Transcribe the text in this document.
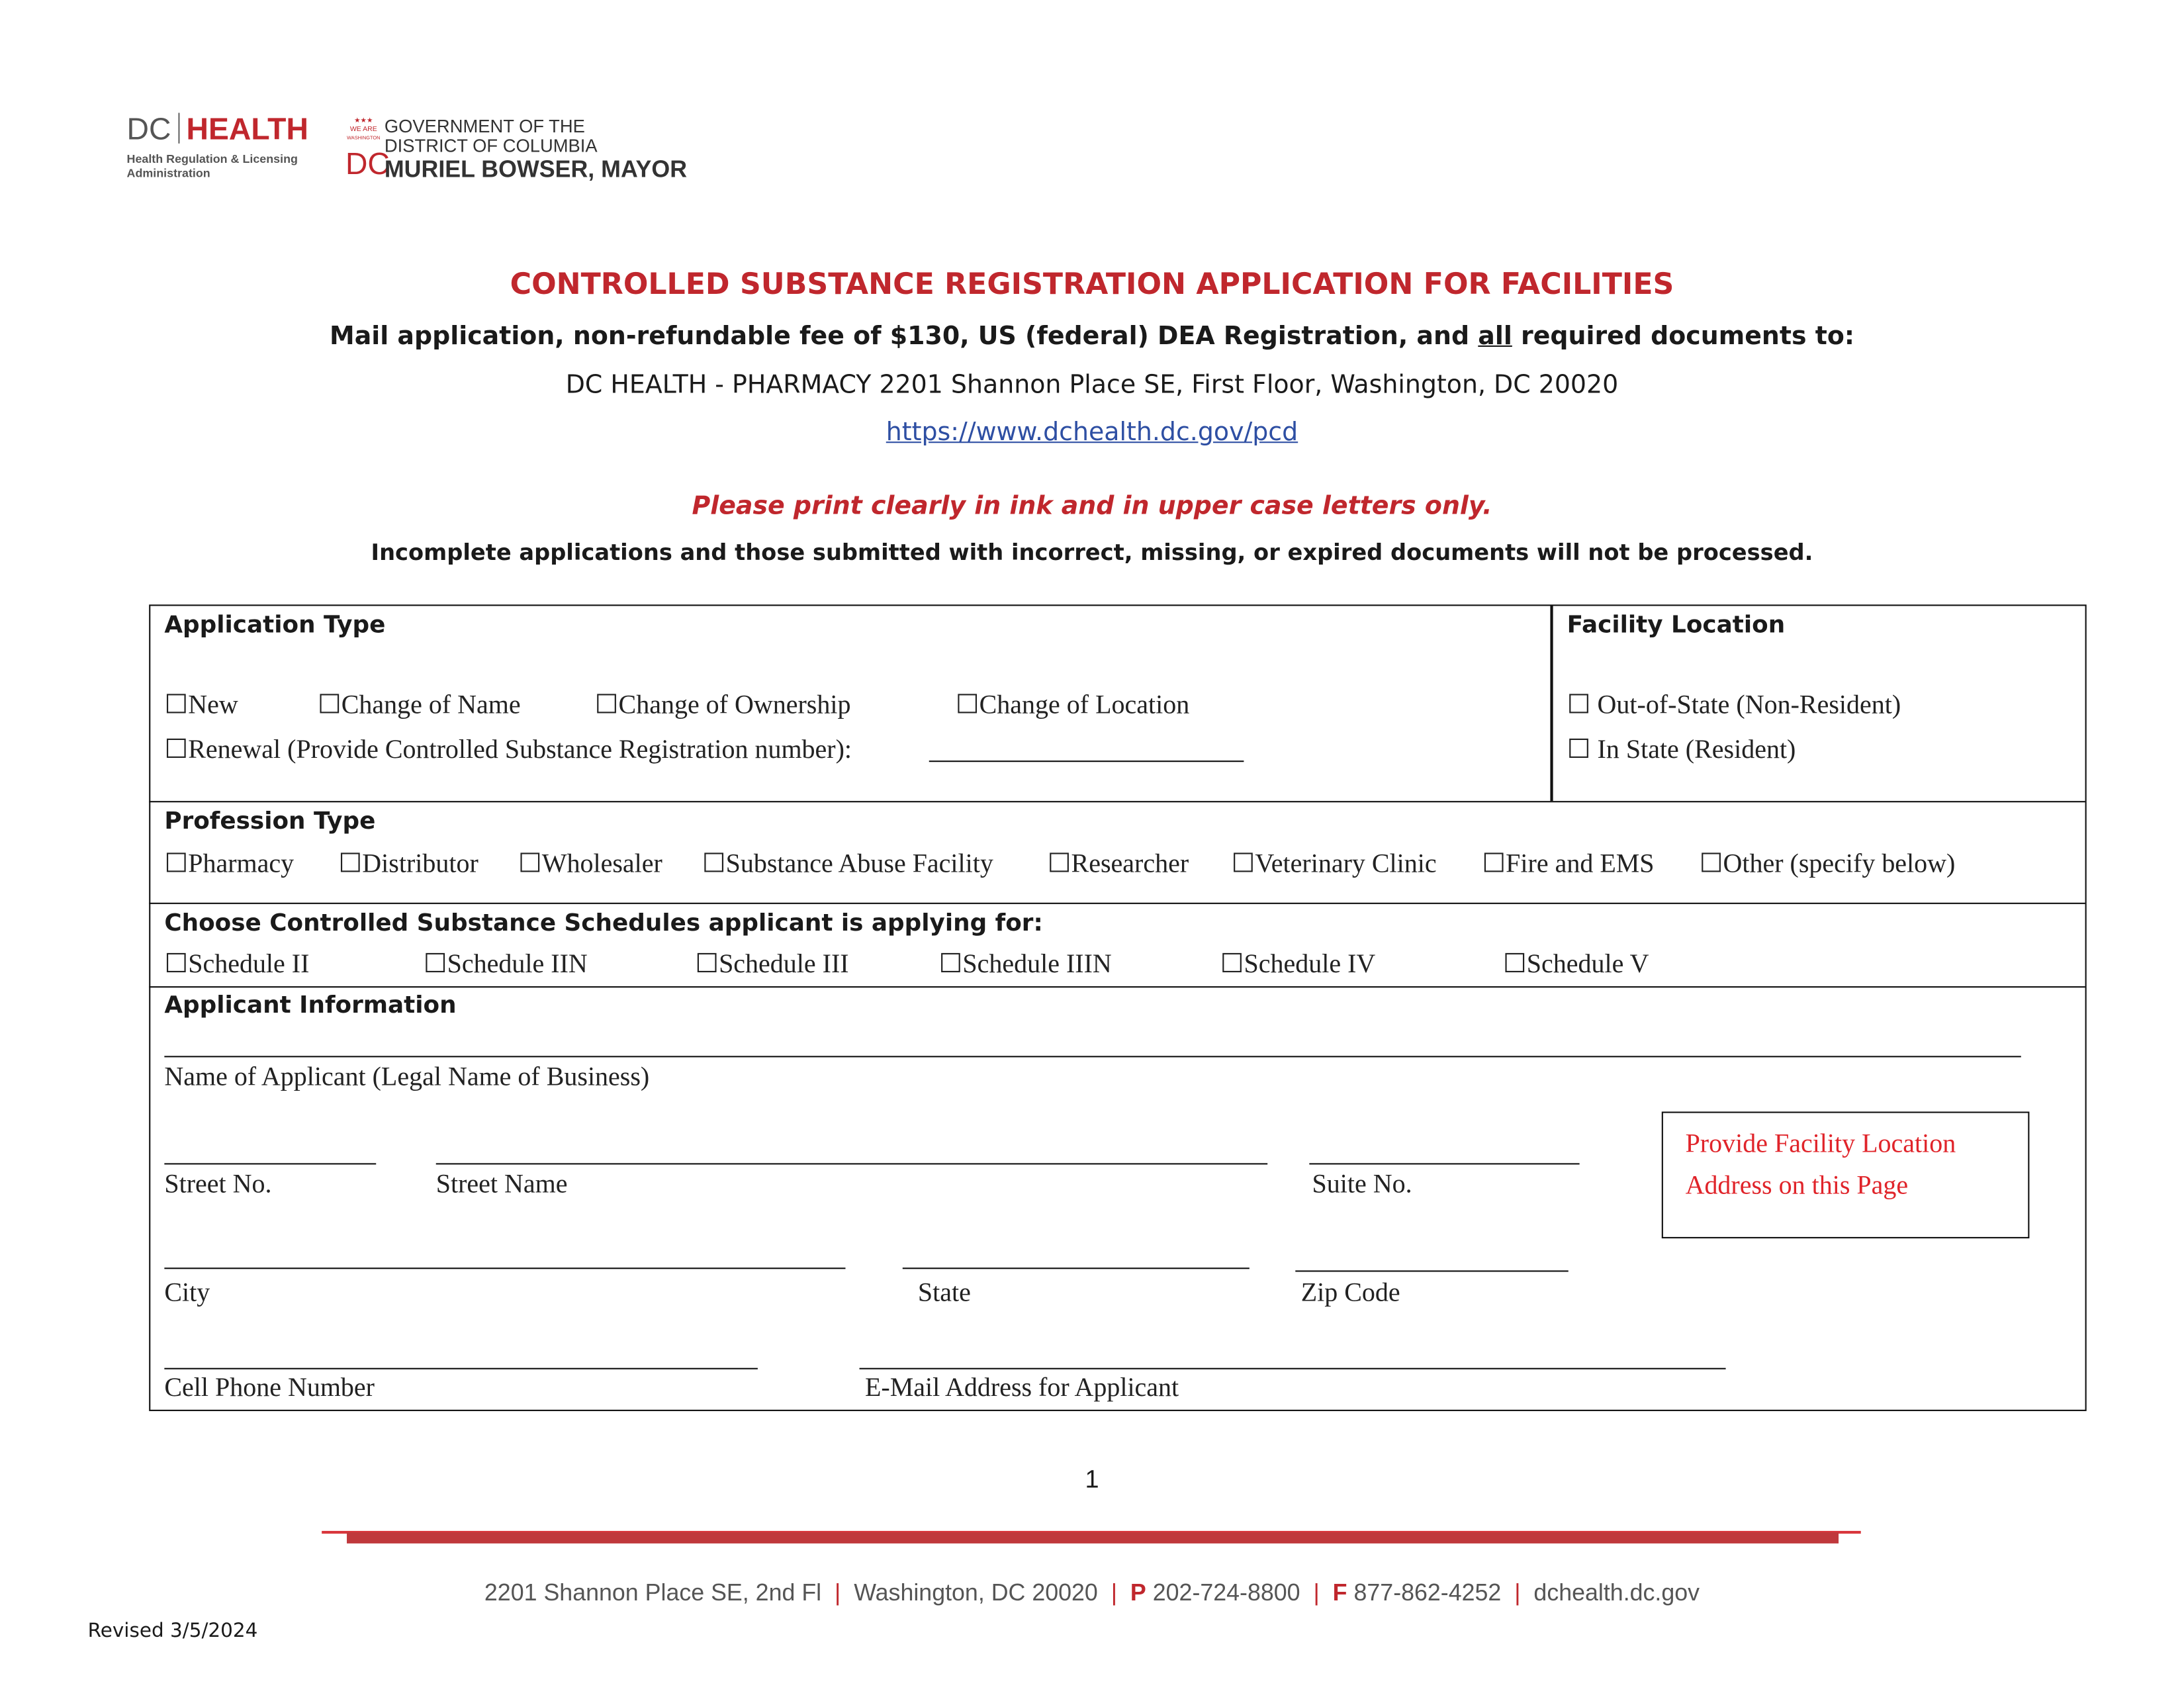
DC HEALTH
Health Regulation & Licensing
Administration
★★★
WE ARE
WASHINGTON
DC
GOVERNMENT OF THE
DISTRICT OF COLUMBIA
MURIEL BOWSER, MAYOR
CONTROLLED SUBSTANCE REGISTRATION APPLICATION FOR FACILITIES
Mail application, non-refundable fee of $130, US (federal) DEA Registration, and all required documents to:
DC HEALTH - PHARMACY 2201 Shannon Place SE, First Floor, Washington, DC 20020
https://www.dchealth.dc.gov/pcd
Please print clearly in ink and in upper case letters only.
Incomplete applications and those submitted with incorrect, missing, or expired documents will not be processed.
Application Type
☐New	☐Change of Name	☐Change of Ownership	☐Change of Location
☐Renewal (Provide Controlled Substance Registration number):
Facility Location
☐ Out-of-State (Non-Resident)
☐ In State (Resident)
Profession Type
☐Pharmacy	☐Distributor	☐Wholesaler	☐Substance Abuse Facility	☐Researcher	☐Veterinary Clinic	☐Fire and EMS	☐Other (specify below)
Choose Controlled Substance Schedules applicant is applying for:
☐Schedule II	☐Schedule IIN	☐Schedule III	☐Schedule IIIN	☐Schedule IV	☐Schedule V
Applicant Information
Name of Applicant (Legal Name of Business)
Street No.	Street Name	Suite No.
Provide Facility Location
Address on this Page
City	State	Zip Code
Cell Phone Number	E-Mail Address for Applicant
1
2201 Shannon Place SE, 2nd Fl | Washington, DC 20020 | P 202-724-8800 | F 877-862-4252 | dchealth.dc.gov
Revised 3/5/2024
